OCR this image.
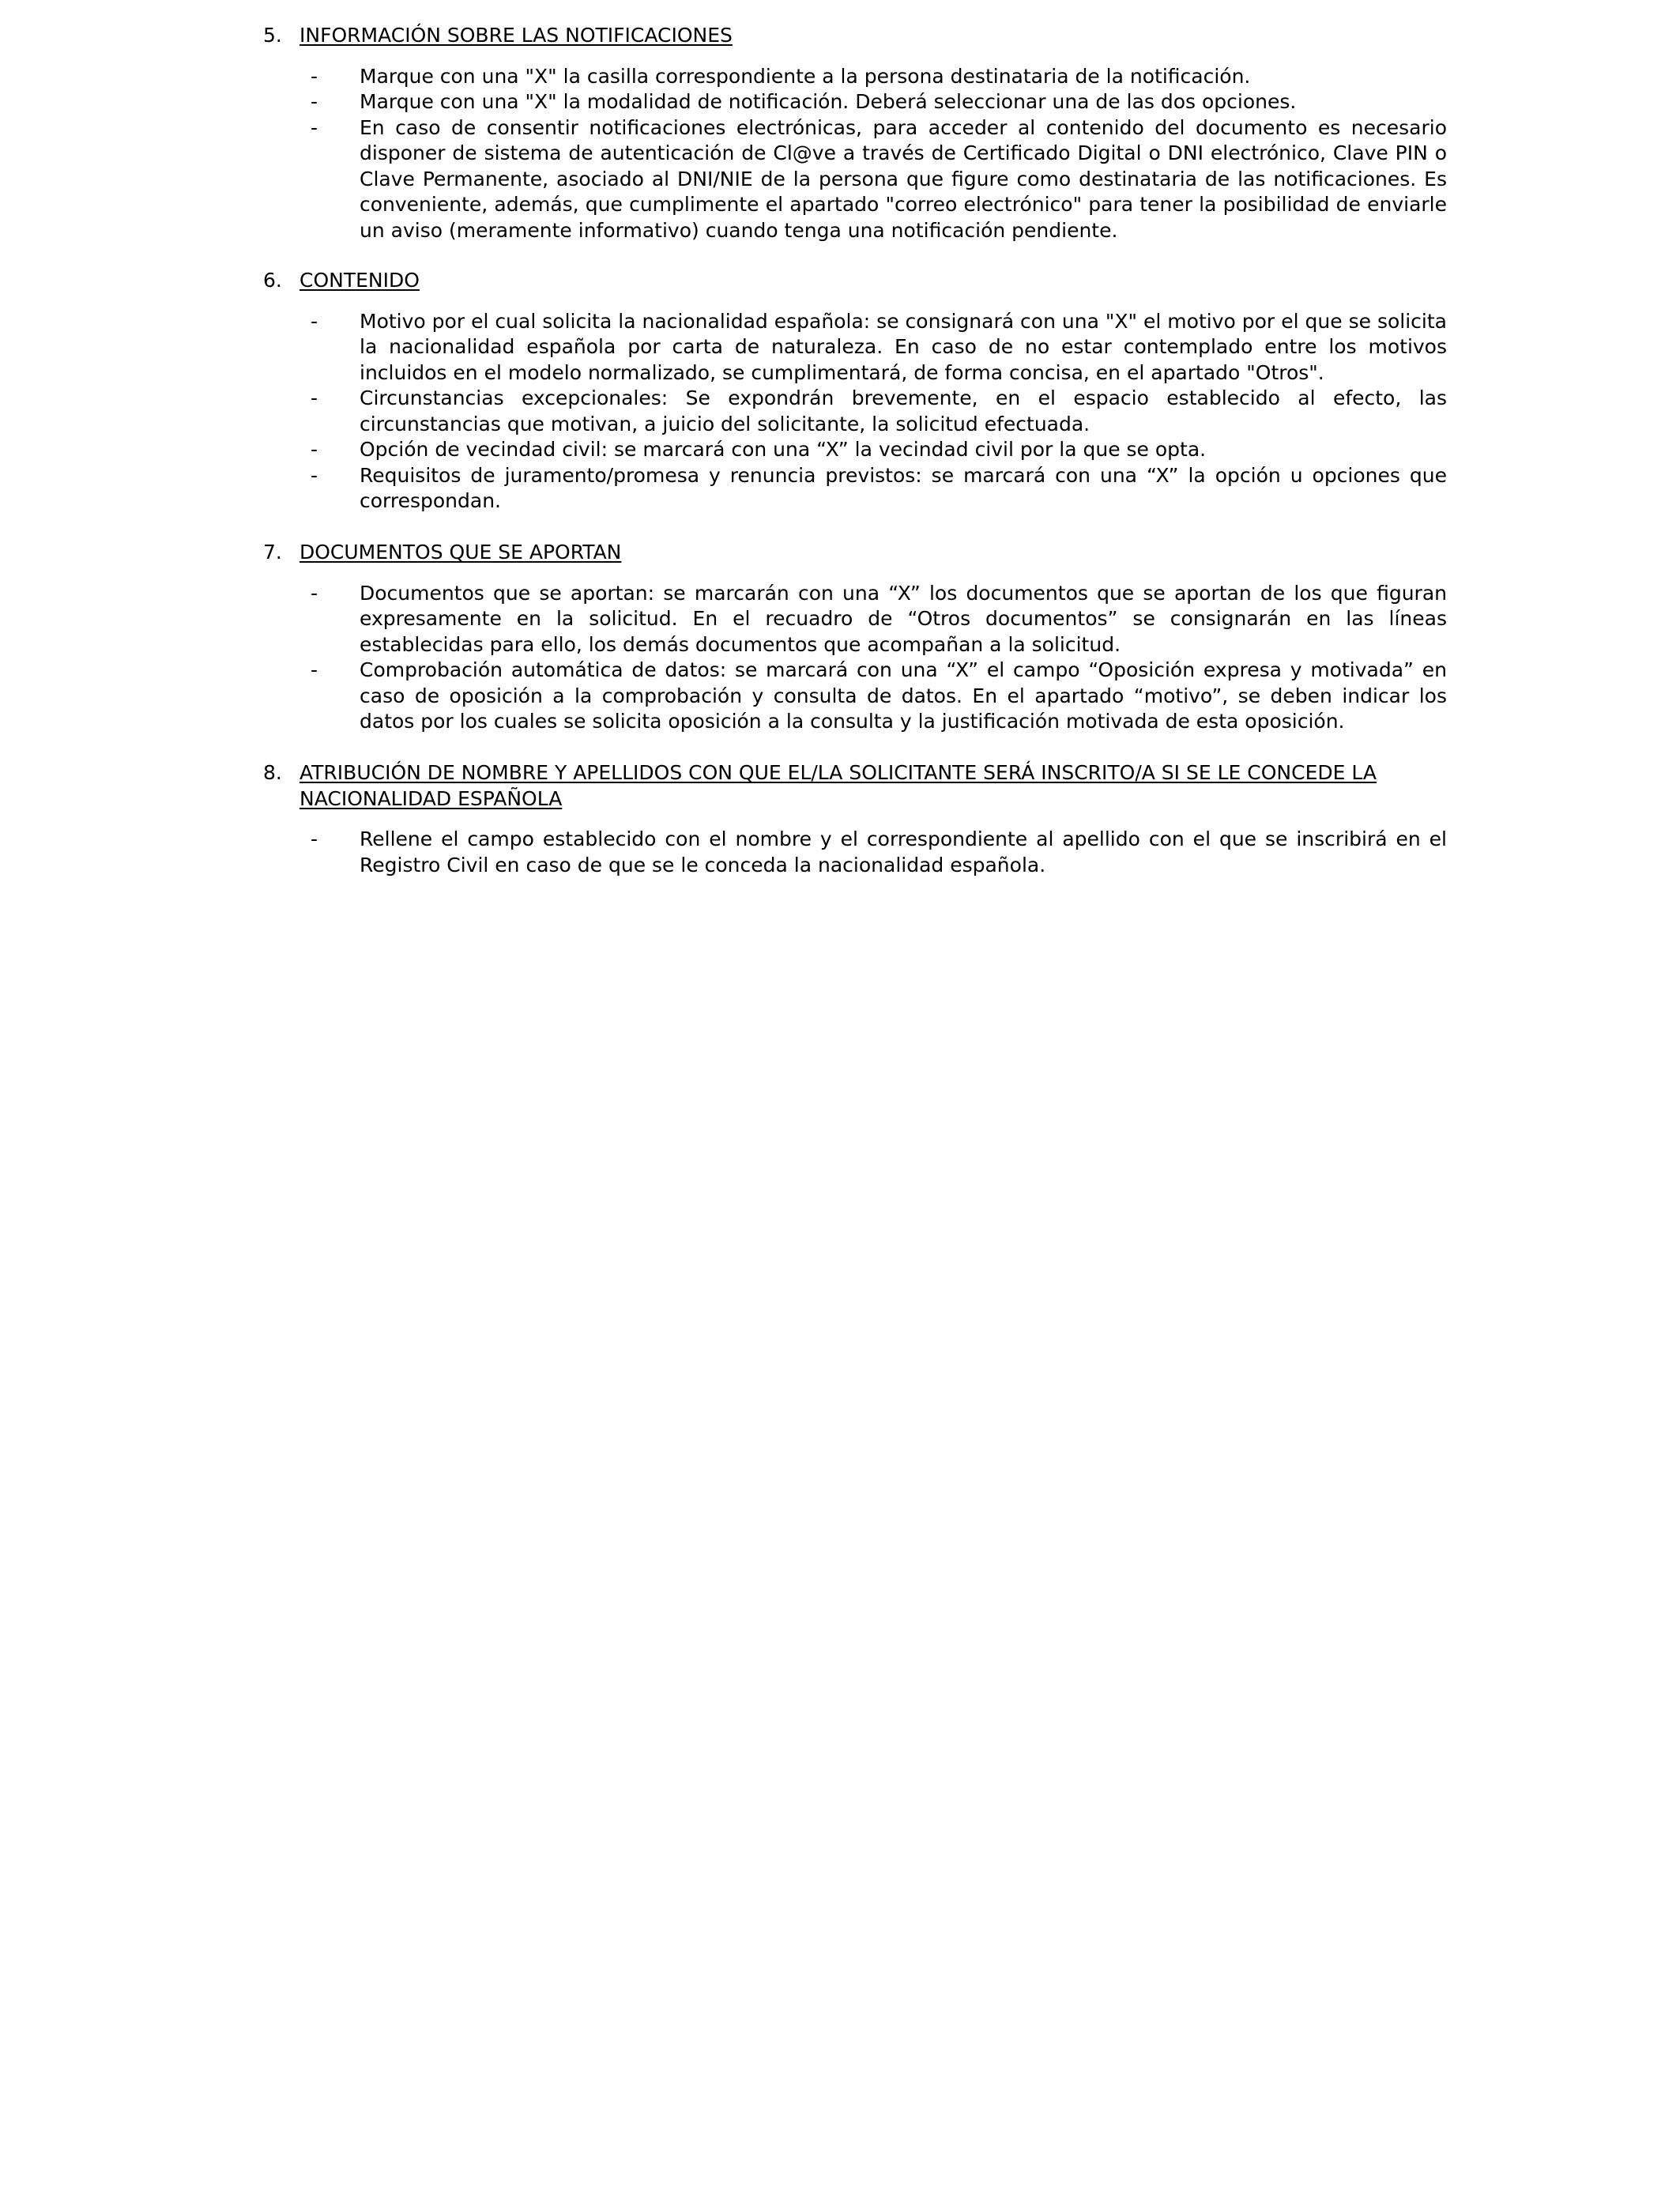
5. INFORMACIÓN SOBRE LAS NOTIFICACIONES
- Marque con una "X" la casilla correspondiente a la persona destinataria de la notificación.
- Marque con una "X" la modalidad de notificación. Deberá seleccionar una de las dos opciones.
- En caso de consentir notificaciones electrónicas, para acceder al contenido del documento es necesario disponer de sistema de autenticación de Cl@ve a través de Certificado Digital o DNI electrónico, Clave PIN o Clave Permanente, asociado al DNI/NIE de la persona que figure como destinataria de las notificaciones. Es conveniente, además, que cumplimente el apartado "correo electrónico" para tener la posibilidad de enviarle un aviso (meramente informativo) cuando tenga una notificación pendiente.
6. CONTENIDO
- Motivo por el cual solicita la nacionalidad española: se consignará con una "X" el motivo por el que se solicita la nacionalidad española por carta de naturaleza. En caso de no estar contemplado entre los motivos incluidos en el modelo normalizado, se cumplimentará, de forma concisa, en el apartado "Otros".
- Circunstancias excepcionales: Se expondrán brevemente, en el espacio establecido al efecto, las circunstancias que motivan, a juicio del solicitante, la solicitud efectuada.
- Opción de vecindad civil: se marcará con una “X” la vecindad civil por la que se opta.
- Requisitos de juramento/promesa y renuncia previstos: se marcará con una “X” la opción u opciones que correspondan.
7. DOCUMENTOS QUE SE APORTAN
- Documentos que se aportan: se marcarán con una “X” los documentos que se aportan de los que figuran expresamente en la solicitud. En el recuadro de “Otros documentos” se consignarán en las líneas establecidas para ello, los demás documentos que acompañan a la solicitud.
- Comprobación automática de datos: se marcará con una “X” el campo “Oposición expresa y motivada” en caso de oposición a la comprobación y consulta de datos. En el apartado “motivo”, se deben indicar los datos por los cuales se solicita oposición a la consulta y la justificación motivada de esta oposición.
8. ATRIBUCIÓN DE NOMBRE Y APELLIDOS CON QUE EL/LA SOLICITANTE SERÁ INSCRITO/A SI SE LE CONCEDE LA NACIONALIDAD ESPAÑOLA
- Rellene el campo establecido con el nombre y el correspondiente al apellido con el que se inscribirá en el Registro Civil en caso de que se le conceda la nacionalidad española.
